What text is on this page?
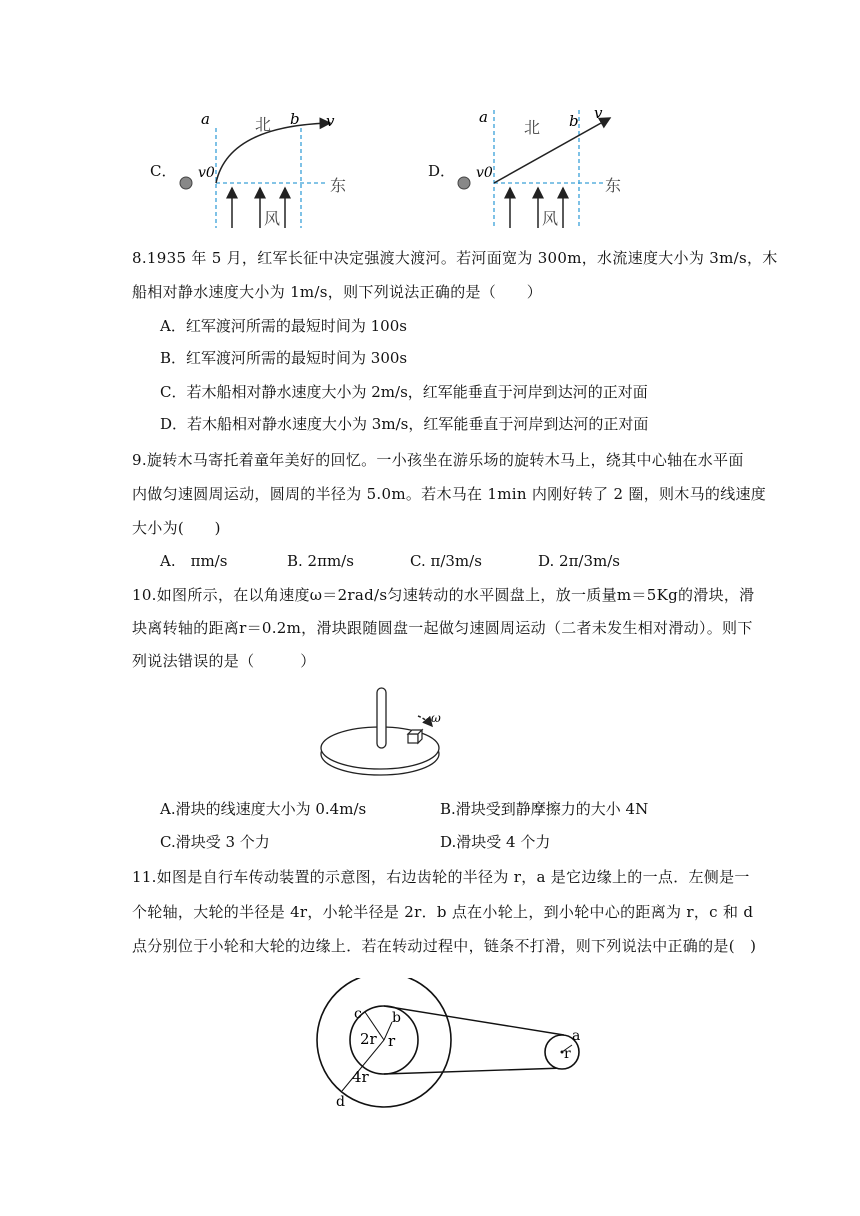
C．
a	北 b v
v0
东
风
D．
a
北 b v
v0
东
风
8.1935 年 5 月，红军长征中决定强渡大渡河。若河面宽为 300m，水流速度大小为 3m/s，木
船相对静水速度大小为 1m/s，则下列说法正确的是（　　）
A．红军渡河所需的最短时间为 100s
B．红军渡河所需的最短时间为 300s
C．若木船相对静水速度大小为 2m/s，红军能垂直于河岸到达河的正对面
D．若木船相对静水速度大小为 3m/s，红军能垂直于河岸到达河的正对面
9.旋转木马寄托着童年美好的回忆。一小孩坐在游乐场的旋转木马上，绕其中心轴在水平面
内做匀速圆周运动，圆周的半径为 5.0m。若木马在 1min 内刚好转了 2 圈，则木马的线速度
大小为(　　)
A.　πm/s	B. 2πm/s	C. π/3m/s	D. 2π/3m/s
10.如图所示，在以角速度ω＝2rad/s匀速转动的水平圆盘上，放一质量m＝5Kg的滑块，滑
块离转轴的距离r＝0.2m，滑块跟随圆盘一起做匀速圆周运动（二者未发生相对滑动）。则下
列说法错误的是（　　　）
ω
A.滑块的线速度大小为 0.4m/s	B.滑块受到静摩擦力的大小 4N
C.滑块受 3 个力	D.滑块受 4 个力
11.如图是自行车传动装置的示意图，右边齿轮的半径为 r，a 是它边缘上的一点．左侧是一
个轮轴，大轮的半径是 4r，小轮半径是 2r．b 点在小轮上，到小轮中心的距离为 r，c 和 d
点分别位于小轮和大轮的边缘上．若在转动过程中，链条不打滑，则下列说法中正确的是(　)
c b
2r r
4r
d
a
r
